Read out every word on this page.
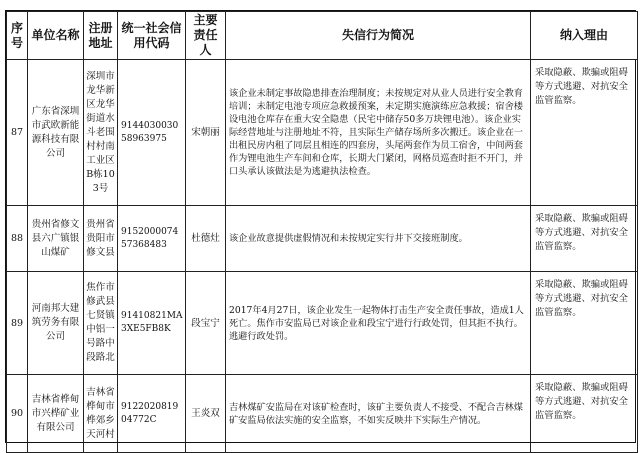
序号	单位名称	注册地址	统一社会信用代码	主要责任人	失信行为简况	纳入理由
87	广东省深圳市武欧新能源科技有限公司	深圳市龙华新区龙华街道水斗老围村村南工业区B栋103号	914403003058963975	宋朝丽	该企业未制定事故隐患排查治理制度；未按规定对从业人员进行安全教育培训；未制定电池专项应急救援预案，未定期实施演练应急救援；宿舍楼设电池仓库存在重大安全隐患（民宅中储存50多万块锂电池）。该企业实际经营地址与注册地址不符，且实际生产储存场所多次搬迁。该企业在一出租民房内租了同层且相连的四套房，头尾两套作为员工宿舍，中间两套作为锂电池生产车间和仓库，长期大门紧闭，网格员巡查时拒不开门，并口头承认该做法是为逃避执法检查。	采取隐蔽、欺骗或阻碍等方式逃避、对抗安全监管监察。
88	贵州省修文县六广镇银山煤矿	贵州省贵阳市修文县	915200007457368483	杜德灶	该企业故意提供虚假情况和未按规定实行井下交接班制度。	采取隐蔽、欺骗或阻碍等方式逃避、对抗安全监管监察。
89	河南邦大建筑劳务有限公司	焦作市修武县七贤镇中铝一号路中段路北	91410821MA3XE5FB8K	段宝宁	2017年4月27日，该企业发生一起物体打击生产安全责任事故，造成1人死亡。焦作市安监局已对该企业和段宝宁进行行政处罚，但其拒不执行。逃避行政处罚。	采取隐蔽、欺骗或阻碍等方式逃避、对抗安全监管监察。
90	吉林省桦甸市兴桦矿业有限公司	吉林省桦甸市桦郊乡天河村	912202081904772C	王炎双	吉林煤矿安监局在对该矿检查时，该矿主要负责人不接受、不配合吉林煤矿安监局依法实施的安全监察，不如实反映井下实际生产情况。	采取隐蔽、欺骗或阻碍等方式逃避、对抗安全监管监察。
